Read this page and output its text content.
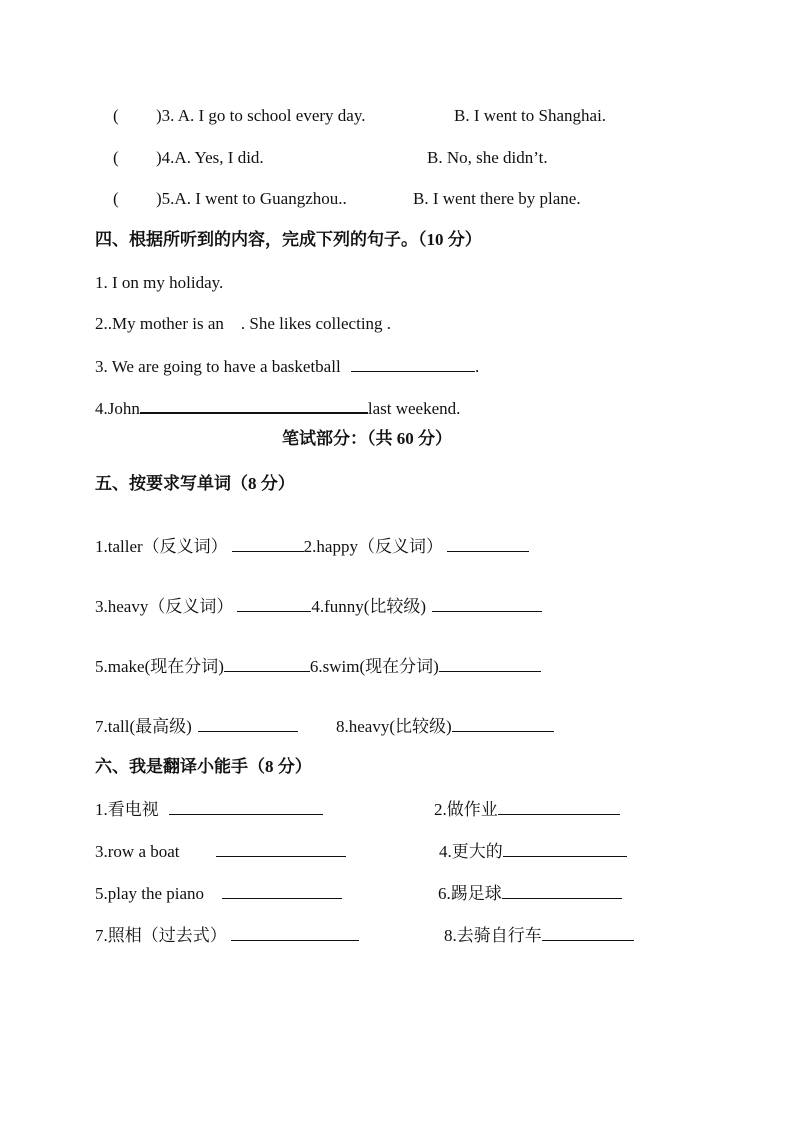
( )3. A. I go to school every day.	B. I went to Shanghai.
( )4.A. Yes, I did.	B. No, she didn’t.
( )5.A. I went to Guangzhou..	B. I went there by plane.
四、根据所听到的内容，完成下列的句子。（10 分）
1. I on my holiday.
2..My mother is an    . She likes collecting .
3. We are going to have a basketball	.
4.John	last weekend.
笔试部分：（共 60 分）
五、按要求写单词（8 分）
1.taller（反义词）	2.happy（反义词）
3.heavy（反义词）	4.funny(比较级)
5.make(现在分词)	6.swim(现在分词)
7.tall(最高级)	8.heavy(比较级)
六、我是翻译小能手（8 分）
1.看电视	2.做作业
3.row a boat	4.更大的
5.play the piano	6.踢足球
7.照相（过去式）	8.去骑自行车
